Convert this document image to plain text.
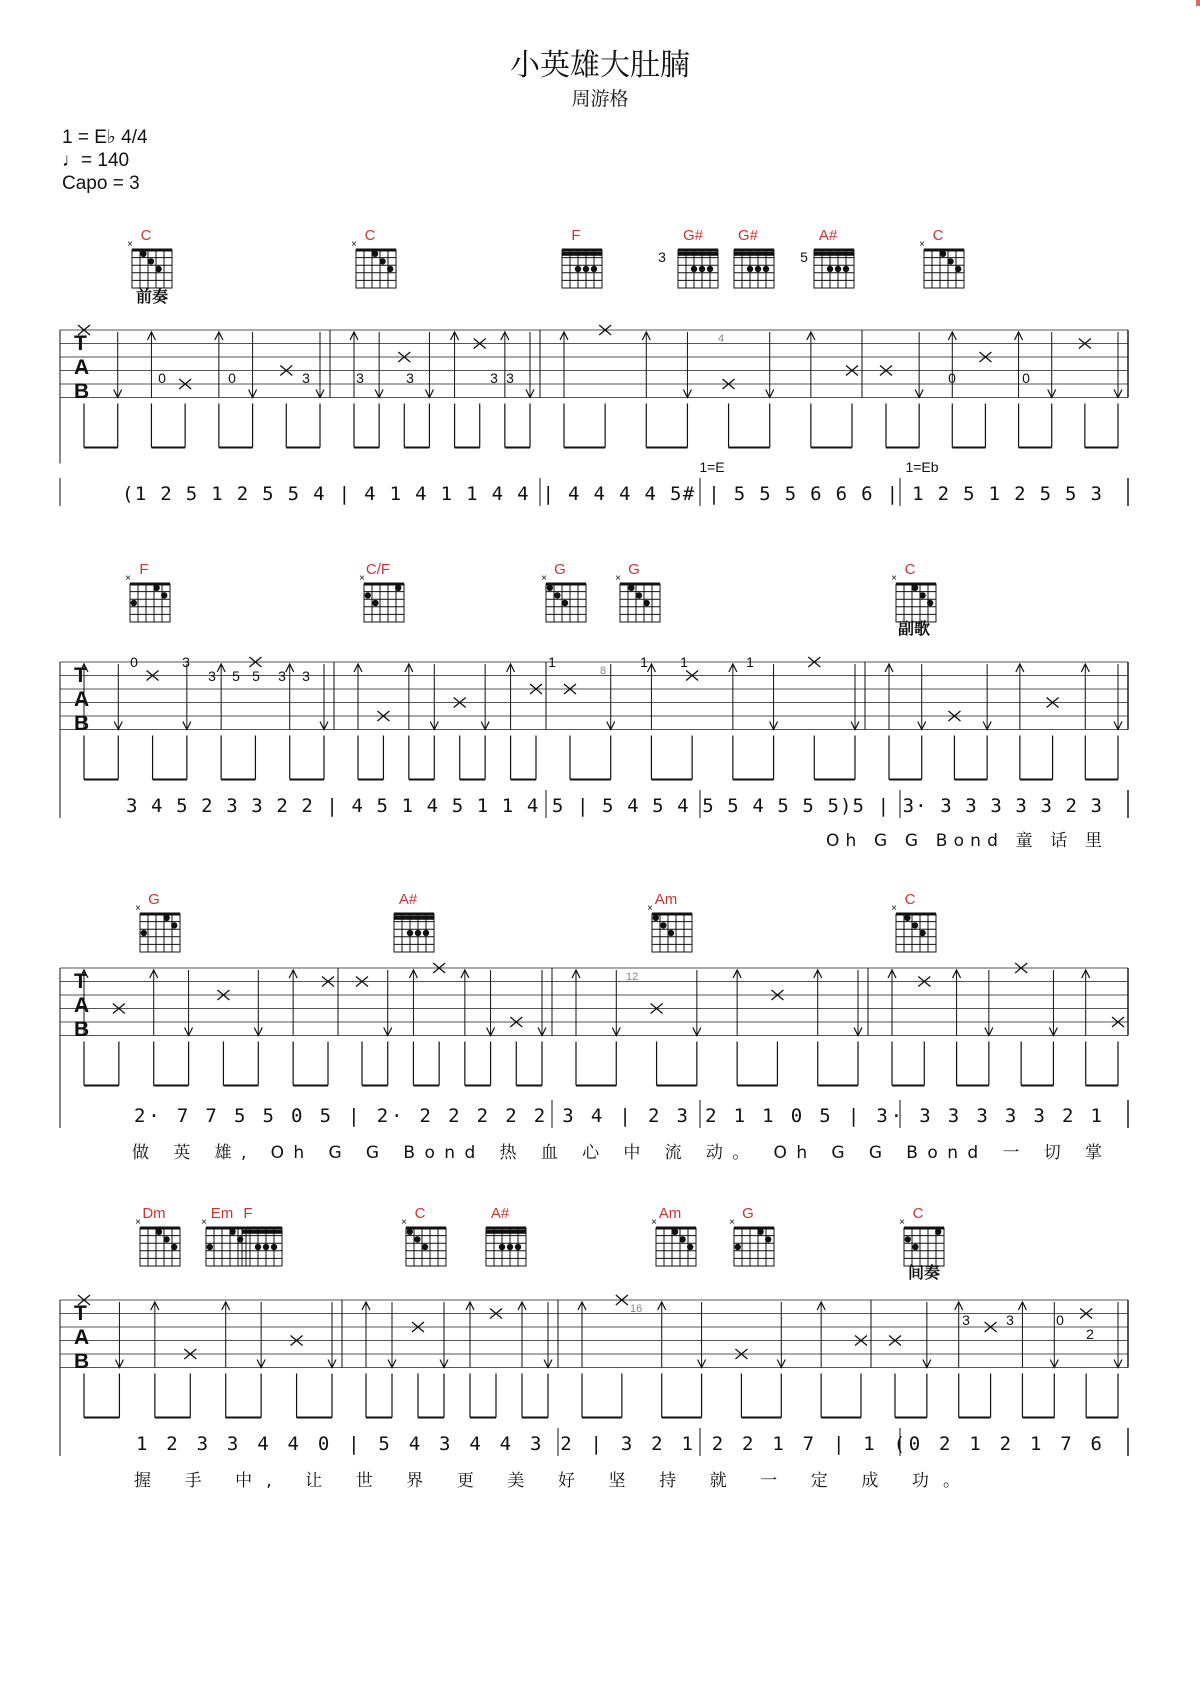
小英雄大肚腩
周游格
1 = E♭ 4/4
♩= 140
Capo = 3
C	C	F	G# G#	A#	C
×	×	×
3	5
前奏
T
A
B
4
0	0	3	3	3	3 3	0	0
1=E	1=Eb
(1 2 5 1 2 5 5 4 | 4 1 4 1 1 4 4 | 4 4 4 4 5# | 5 5 5 6 6 6 | 1 2 5 1 2 5 5 3
F	C/F	G	G	C
×	×	×	×	×
副歌
T
A
B
8
0	3
3 5 5 3 3
1	1 1	1
3 4 5 2 3 3 2 2 | 4 5 1 4 5 1 1 4 5 | 5 4 5 4 5 5 4 5 5 5)5 | 3· 3 3 3 3 3 2 3
Oh G G Bond 童 话 里
G	A#	Am	C
×	×	×
T
A
B
12
2· 7 7 5 5 0 5 | 2· 2 2 2 2 2 3 4 | 2 3 2 1 1 0 5 | 3· 3 3 3 3 3 2 1
做 英 雄, Oh G G Bond 热 血 心 中 流 动。 Oh G G Bond 一 切 掌
Dm	Em F	C	A#	Am	G	C
×	×	×	×	×	×
间奏
T
A
B
16
3	3	0
2
1 2 3 3 4 4 0 | 5 4 3 4 4 3 2 | 3 2 1 2 2 1 7 | 1 (0 2 1 2 1 7 6
握 手 中, 让 世 界 更 美 好 坚 持 就 一 定 成 功。
